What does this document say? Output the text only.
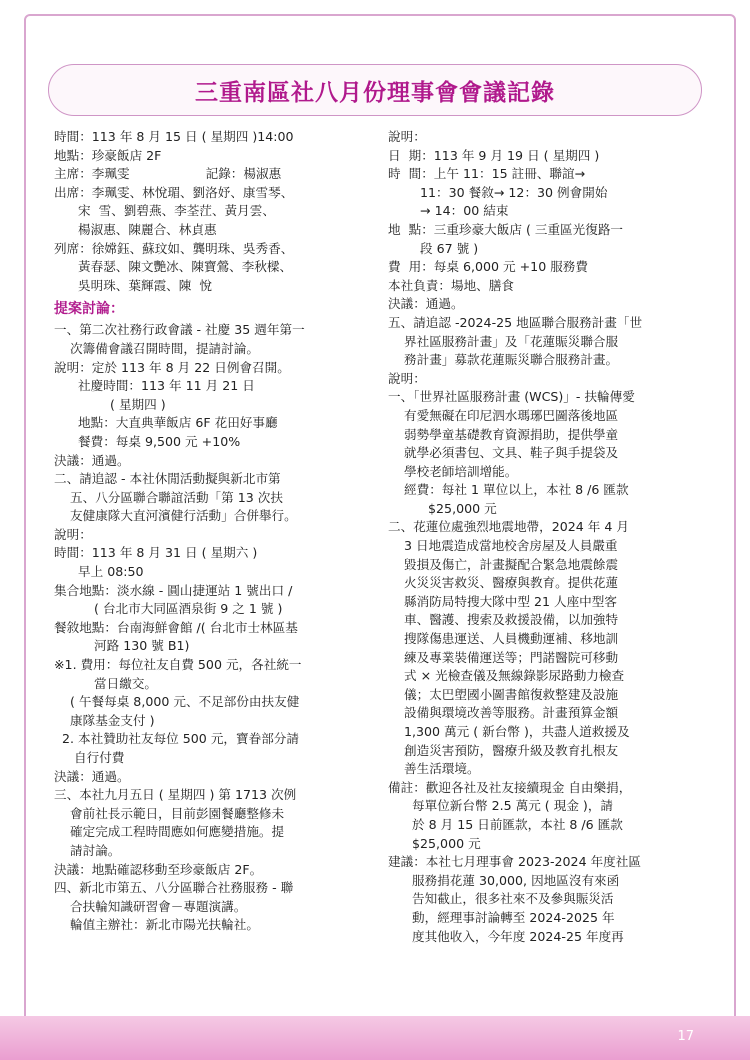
三重南區社八月份理事會會議記錄
時間：113 年 8 月 15 日 ( 星期四 )14:00
地點：珍豪飯店 2F
主席：李珮雯                   記錄：楊淑惠
出席：李珮雯、林悅瑂、劉洛妤、康雪琴、
宋  雪、劉碧燕、李荃茳、黃月雲、
楊淑惠、陳麗合、林貞惠
列席：徐嫦鈺、蘇玟如、龔明珠、吳秀香、
黃春瑟、陳文艷冰、陳寶鶯、李秋樑、
吳明珠、葉輝霞、陳  悅
提案討論：
一、第二次社務行政會議 - 社慶 35 週年第一
次籌備會議召開時間，提請討論。
說明：定於 113 年 8 月 22 日例會召開。
社慶時間：113 年 11 月 21 日
( 星期四 )
地點：大直典華飯店 6F 花田好事廳
餐費：每桌 9,500 元 +10%
決議：通過。
二、請追認 - 本社休閒活動擬與新北市第
五、八分區聯合聯誼活動「第 13 次扶
友健康隊大直河濱健行活動」合併舉行。
說明：
時間：113 年 8 月 31 日 ( 星期六 )
早上 08:50
集合地點：淡水線 - 圓山捷運站 1 號出口 /
( 台北市大同區酒泉街 9 之 1 號 )
餐敘地點：台南海鮮會館 /( 台北市士林區基
河路 130 號 B1)
※1. 費用：每位社友自費 500 元，各社統一
當日繳交。
( 午餐每桌 8,000 元、不足部份由扶友健
康隊基金支付 )
2. 本社贊助社友每位 500 元，寶眷部分請
自行付費
決議：通過。
三、本社九月五日 ( 星期四 ) 第 1713 次例
會前社長示範日，目前彭園餐廳整修未
確定完成工程時間應如何應變措施。提
請討論。
決議：地點確認移動至珍豪飯店 2F。
四、新北市第五、八分區聯合社務服務 - 聯
合扶輪知識研習會－專題演講。
輪值主辦社：新北市陽光扶輪社。
說明：
日  期：113 年 9 月 19 日 ( 星期四 )
時  間：上午 11：15 註冊、聯誼→
11：30 餐敘→ 12：30 例會開始
→ 14：00 結束
地  點：三重珍豪大飯店 ( 三重區光復路一
段 67 號 )
費  用：每桌 6,000 元 +10 服務費
本社負責：場地、膳食
決議：通過。
五、請追認 -2024-25 地區聯合服務計畫「世
界社區服務計畫」及「花蓮賑災聯合服
務計畫」募款花蓮賑災聯合服務計畫。
說明：
一、「世界社區服務計畫 (WCS)」- 扶輪傳愛
有愛無礙在印尼泗水瑪琊巴圖落後地區
弱勢學童基礎教育資源捐助，提供學童
就學必須書包、文具、鞋子與手提袋及
學校老師培訓增能。
經費：每社 1 單位以上，本社 8 /6 匯款
$25,000 元
二、花蓮位處強烈地震地帶，2024 年 4 月
3 日地震造成當地校舍房屋及人員嚴重
毀損及傷亡，計畫擬配合緊急地震餘震
火災災害救災、醫療與教育。提供花蓮
縣消防局特搜大隊中型 21 人座中型客
車、醫護、搜索及救援設備，以加強特
搜隊傷患運送、人員機動運補、移地訓
練及專業裝備運送等；門諾醫院可移動
式 × 光檢查儀及無線錄影尿路動力檢查
儀；太巴塱國小圖書館復救整建及設施
設備與環境改善等服務。計畫預算金額
1,300 萬元 ( 新台幣 )，共盡人道救援及
創造災害預防，醫療升級及教育扎根友
善生活環境。
備註：歡迎各社及社友接續現金 自由樂捐，
每單位新台幣 2.5 萬元 ( 現金 )，請
於 8 月 15 日前匯款，本社 8 /6 匯款
$25,000 元
建議：本社七月理事會 2023-2024 年度社區
服務捐花蓮 30,000, 因地區沒有來函
告知截止，很多社來不及參與賑災活
動，經理事討論轉至 2024-2025 年
度其他收入，今年度 2024-25 年度再
17
